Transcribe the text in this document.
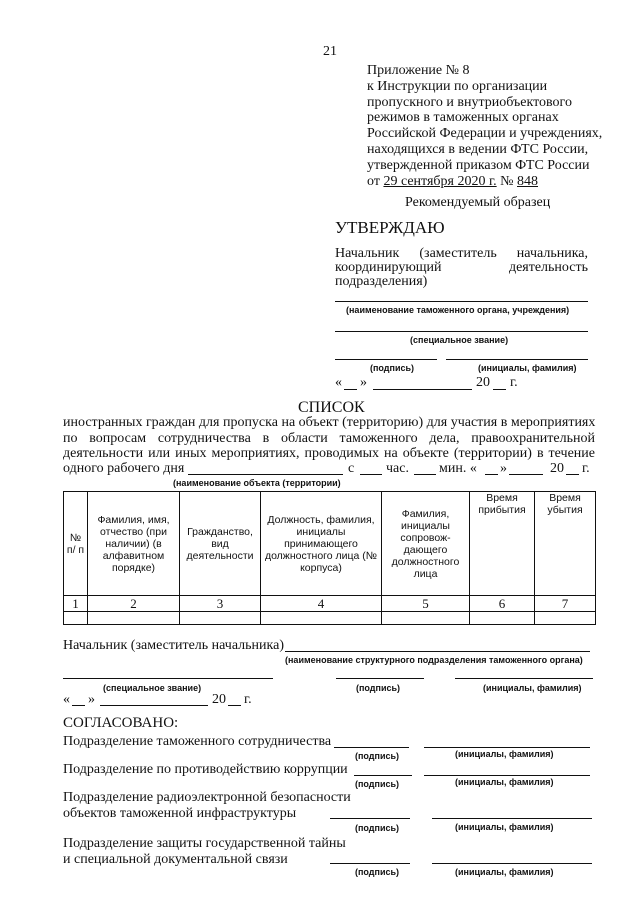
21
Приложение № 8
к Инструкции по организации
пропускного и внутриобъектового
режимов в таможенных органах
Российской Федерации и учреждениях,
находящихся в ведении ФТС России,
утвержденной приказом ФТС России
от 29 сентября 2020 г. № 848
Рекомендуемый образец
УТВЕРЖДАЮ
Начальник (заместитель начальника,
координирующий	деятельность
подразделения)
(наименование таможенного органа, учреждения)
(специальное звание)
(подпись)	(инициалы, фамилия)
« »	20 г.
СПИСОК
иностранных граждан для пропуска на объект (территорию) для участия в мероприятиях
по вопросам сотрудничества в области таможенного дела, правоохранительной
деятельности или иных мероприятиях, проводимых на объекте (территории) в течение
одного рабочего дня	с час. мин. « »	20 г.
(наименование объекта (территории)
№ п/ п	Фамилия, имя, отчество (при наличии) (в алфавитном порядке)	Гражданство, вид деятельности	Должность, фамилия, инициалы принимающего должностного лица (№ корпуса)	Фамилия, инициалы сопровож-дающего должностного лица	Время прибытия	Время убытия
1	2	3	4	5	6	7

Начальник (заместитель начальника)
(наименование структурного подразделения таможенного органа)
(специальное звание)	(подпись)	(инициалы, фамилия)
« »	20 г.
СОГЛАСОВАНО:
Подразделение таможенного сотрудничества
(подпись)	(инициалы, фамилия)
Подразделение по противодействию коррупции
(подпись)	(инициалы, фамилия)
Подразделение радиоэлектронной безопасности
объектов таможенной инфраструктуры
(подпись)	(инициалы, фамилия)
Подразделение защиты государственной тайны
и специальной документальной связи
(подпись)	(инициалы, фамилия)
